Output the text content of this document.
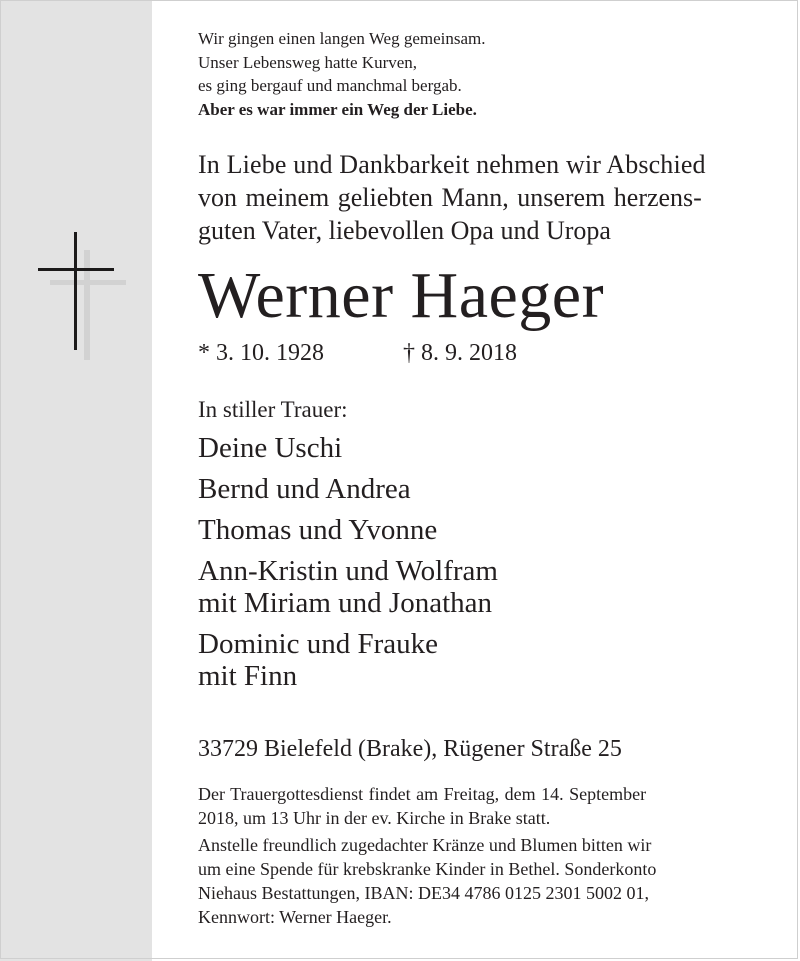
Wir gingen einen langen Weg gemeinsam.
Unser Lebensweg hatte Kurven,
es ging bergauf und manchmal bergab.
Aber es war immer ein Weg der Liebe.
In Liebe und Dankbarkeit nehmen wir Abschied
von meinem geliebten Mann, unserem herzens-
guten Vater, liebevollen Opa und Uropa
Werner Haeger
* 3. 10. 1928	† 8. 9. 2018
In stiller Trauer:
Deine Uschi
Bernd und Andrea
Thomas und Yvonne
Ann-Kristin und Wolfram
mit Miriam und Jonathan
Dominic und Frauke
mit Finn
33729 Bielefeld (Brake), Rügener Straße 25
Der Trauergottesdienst findet am Freitag, dem 14. September
2018, um 13 Uhr in der ev. Kirche in Brake statt.
Anstelle freundlich zugedachter Kränze und Blumen bitten wir
um eine Spende für krebskranke Kinder in Bethel. Sonderkonto
Niehaus Bestattungen, IBAN: DE34 4786 0125 2301 5002 01,
Kennwort: Werner Haeger.
